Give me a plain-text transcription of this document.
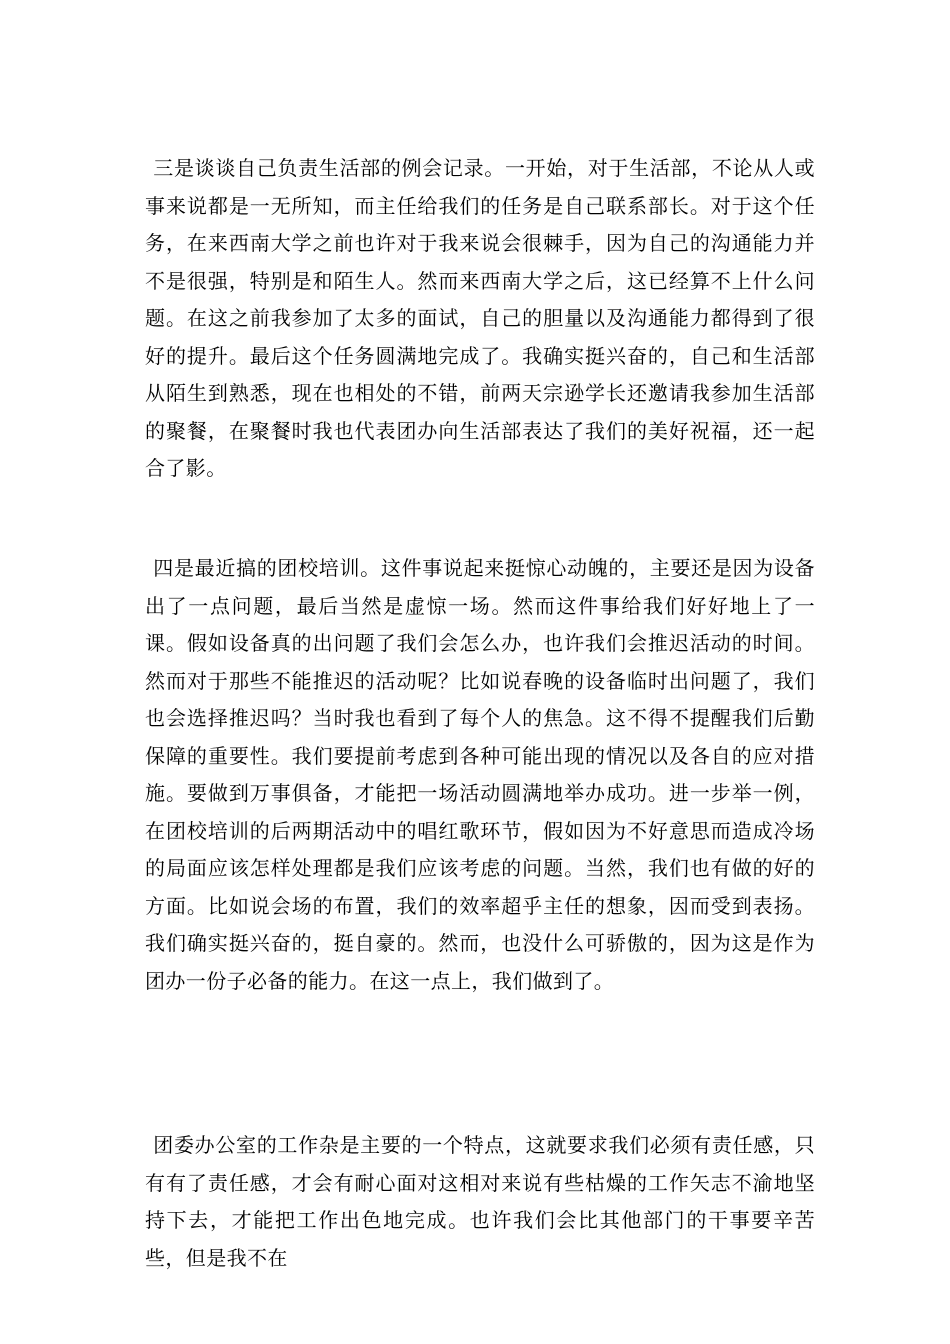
三是谈谈自己负责生活部的例会记录。一开始，对于生活部，不论从人或事来说都是一无所知，而主任给我们的任务是自己联系部长。对于这个任务，在来西南大学之前也许对于我来说会很棘手，因为自己的沟通能力并不是很强，特别是和陌生人。然而来西南大学之后，这已经算不上什么问题。在这之前我参加了太多的面试，自己的胆量以及沟通能力都得到了很好的提升。最后这个任务圆满地完成了。我确实挺兴奋的，自己和生活部从陌生到熟悉，现在也相处的不错，前两天宗逊学长还邀请我参加生活部的聚餐，在聚餐时我也代表团办向生活部表达了我们的美好祝福，还一起合了影。

四是最近搞的团校培训。这件事说起来挺惊心动魄的，主要还是因为设备出了一点问题，最后当然是虚惊一场。然而这件事给我们好好地上了一课。假如设备真的出问题了我们会怎么办，也许我们会推迟活动的时间。然而对于那些不能推迟的活动呢？比如说春晚的设备临时出问题了，我们也会选择推迟吗？当时我也看到了每个人的焦急。这不得不提醒我们后勤保障的重要性。我们要提前考虑到各种可能出现的情况以及各自的应对措施。要做到万事俱备，才能把一场活动圆满地举办成功。进一步举一例，在团校培训的后两期活动中的唱红歌环节，假如因为不好意思而造成冷场的局面应该怎样处理都是我们应该考虑的问题。当然，我们也有做的好的方面。比如说会场的布置，我们的效率超乎主任的想象，因而受到表扬。我们确实挺兴奋的，挺自豪的。然而，也没什么可骄傲的，因为这是作为团办一份子必备的能力。在这一点上，我们做到了。

团委办公室的工作杂是主要的一个特点，这就要求我们必须有责任感，只有有了责任感，才会有耐心面对这相对来说有些枯燥的工作矢志不渝地坚持下去，才能把工作出色地完成。也许我们会比其他部门的干事要辛苦些，但是我不在
